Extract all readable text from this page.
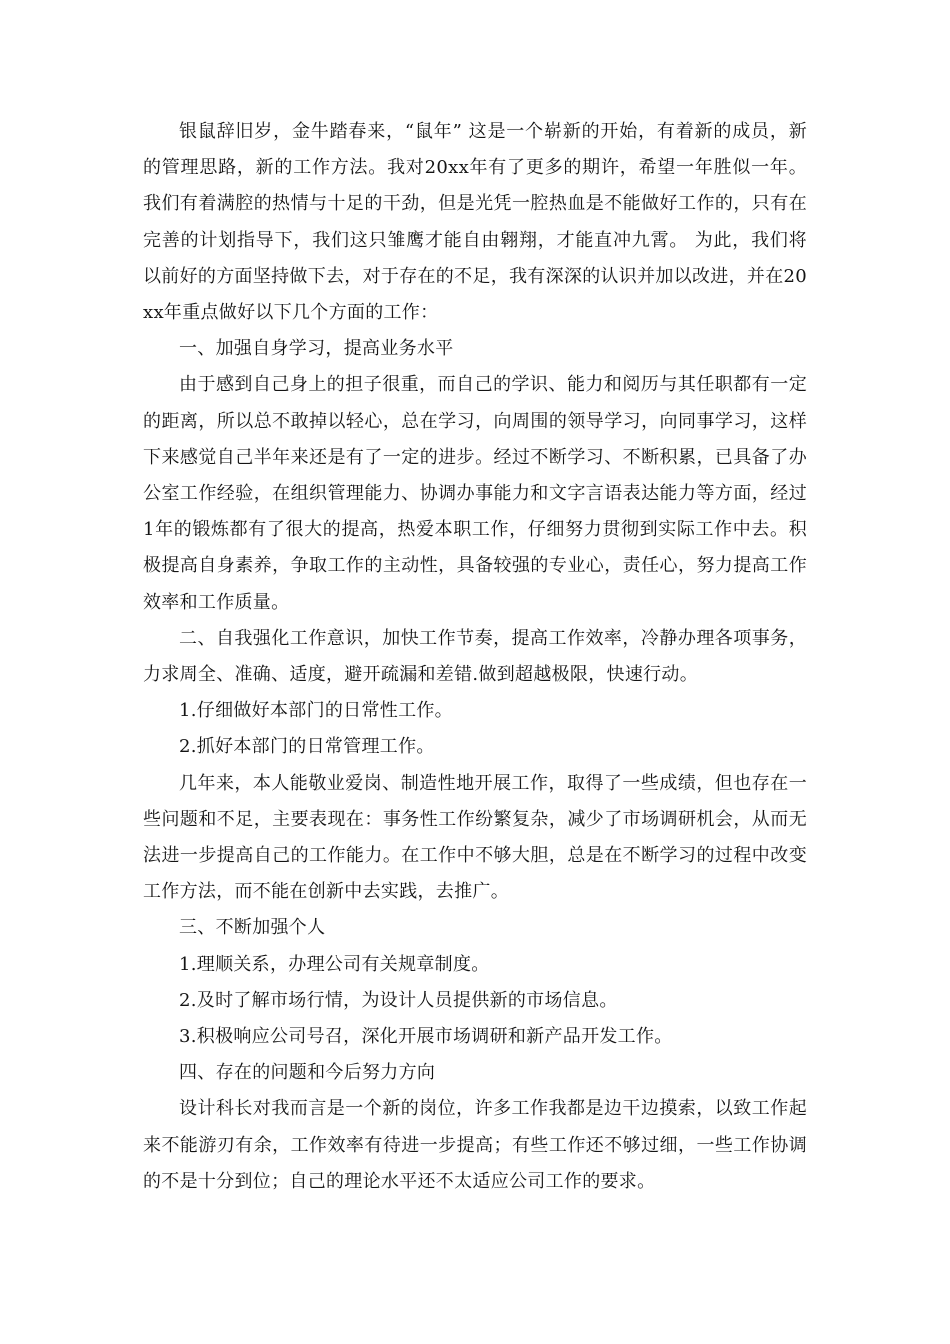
银鼠辞旧岁，金牛踏春来，“鼠年” 这是一个崭新的开始，有着新的成员，新的管理思路，新的工作方法。我对20xx年有了更多的期许，希望一年胜似一年。 我们有着满腔的热情与十足的干劲，但是光凭一腔热血是不能做好工作的，只有在完善的计划指导下，我们这只雏鹰才能自由翱翔，才能直冲九霄。 为此，我们将以前好的方面坚持做下去，对于存在的不足，我有深深的认识并加以改进，并在20xx年重点做好以下几个方面的工作：

一、加强自身学习，提高业务水平

由于感到自己身上的担子很重，而自己的学识、能力和阅历与其任职都有一定的距离，所以总不敢掉以轻心，总在学习，向周围的领导学习，向同事学习，这样下来感觉自己半年来还是有了一定的进步。经过不断学习、不断积累，已具备了办公室工作经验，在组织管理能力、协调办事能力和文字言语表达能力等方面，经过1年的锻炼都有了很大的提高，热爱本职工作，仔细努力贯彻到实际工作中去。积极提高自身素养，争取工作的主动性，具备较强的专业心，责任心，努力提高工作效率和工作质量。

二、自我强化工作意识，加快工作节奏，提高工作效率，冷静办理各项事务，力求周全、准确、适度，避开疏漏和差错.做到超越极限，快速行动。

1.仔细做好本部门的日常性工作。

2.抓好本部门的日常管理工作。

几年来，本人能敬业爱岗、制造性地开展工作，取得了一些成绩，但也存在一些问题和不足，主要表现在：事务性工作纷繁复杂，减少了市场调研机会，从而无法进一步提高自己的工作能力。在工作中不够大胆，总是在不断学习的过程中改变工作方法，而不能在创新中去实践，去推广。

三、不断加强个人

1.理顺关系，办理公司有关规章制度。

2.及时了解市场行情，为设计人员提供新的市场信息。

3.积极响应公司号召，深化开展市场调研和新产品开发工作。

四、存在的问题和今后努力方向

设计科长对我而言是一个新的岗位，许多工作我都是边干边摸索，以致工作起来不能游刃有余，工作效率有待进一步提高；有些工作还不够过细，一些工作协调的不是十分到位；自己的理论水平还不太适应公司工作的要求。
